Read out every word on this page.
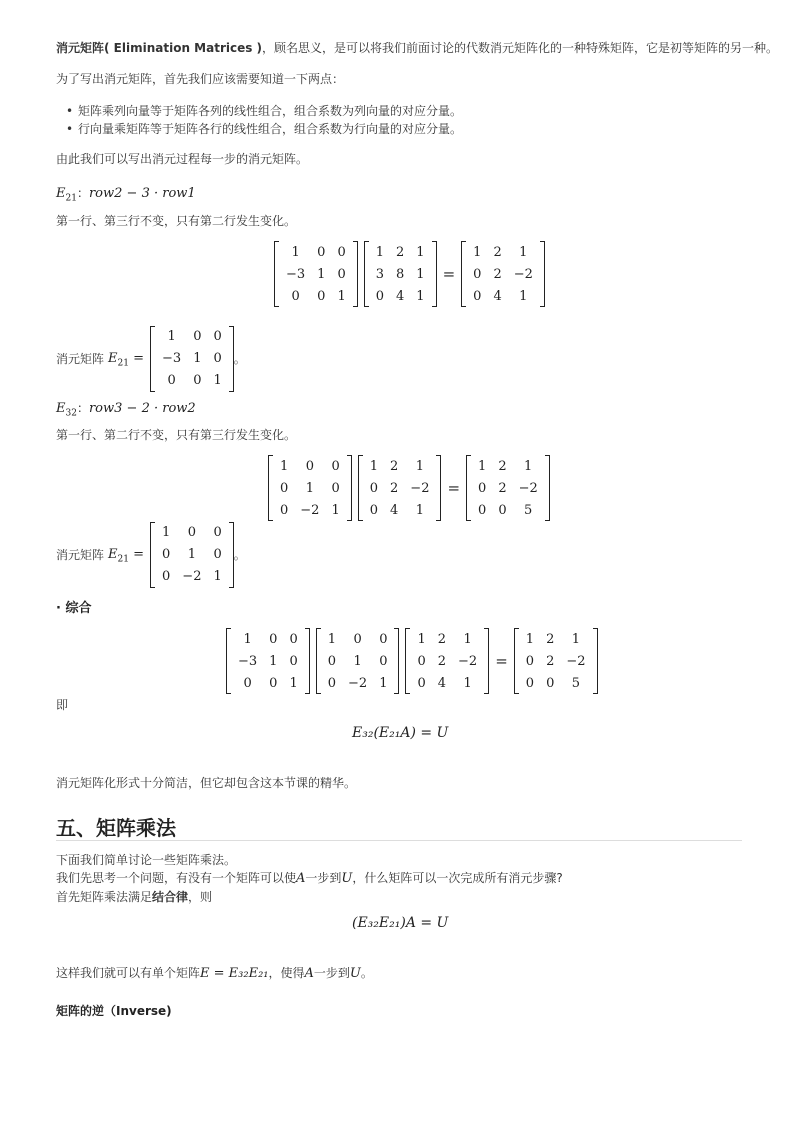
消元矩阵( Elimination Matrices )，顾名思义，是可以将我们前面讨论的代数消元矩阵化的一种特殊矩阵，它是初等矩阵的另一种。
为了写出消元矩阵，首先我们应该需要知道一下两点：
• 矩阵乘列向量等于矩阵各列的线性组合，组合系数为列向量的对应分量。
• 行向量乘矩阵等于矩阵各行的线性组合，组合系数为行向量的对应分量。
由此我们可以写出消元过程每一步的消元矩阵。
$E_{21}$：row2 − 3 · row1
第一行、第三行不变，只有第二行发生变化。
1	0	0
−3	1	0
0	0	1
1	2	1
3	8	1
0	4	1
=
1	2	1
0	2	−2
0	4	1
消元矩阵 $E_{21}$ =
1	0	0
−3	1	0
0	0	1
。
$E_{32}$：row3 − 2 · row2
第一行、第二行不变，只有第三行发生变化。
1	0	0
0	1	0
0	−2	1
1	2	1
0	2	−2
0	4	1
=
1	2	1
0	2	−2
0	0	5
消元矩阵 $E_{21}$ =
1	0	0
0	1	0
0	−2	1
。
· 综合
1	0	0
−3	1	0
0	0	1
1	0	0
0	1	0
0	−2	1
1	2	1
0	2	−2
0	4	1
=
1	2	1
0	2	−2
0	0	5
即
E₃₂(E₂₁A) = U
消元矩阵化形式十分简洁，但它却包含这本节课的精华。
五、矩阵乘法
下面我们简单讨论一些矩阵乘法。
我们先思考一个问题，有没有一个矩阵可以使A一步到U，什么矩阵可以一次完成所有消元步骤?
首先矩阵乘法满足结合律，则
(E₃₂E₂₁)A = U
这样我们就可以有单个矩阵E = E₃₂E₂₁，使得A一步到U。
矩阵的逆（Inverse)
